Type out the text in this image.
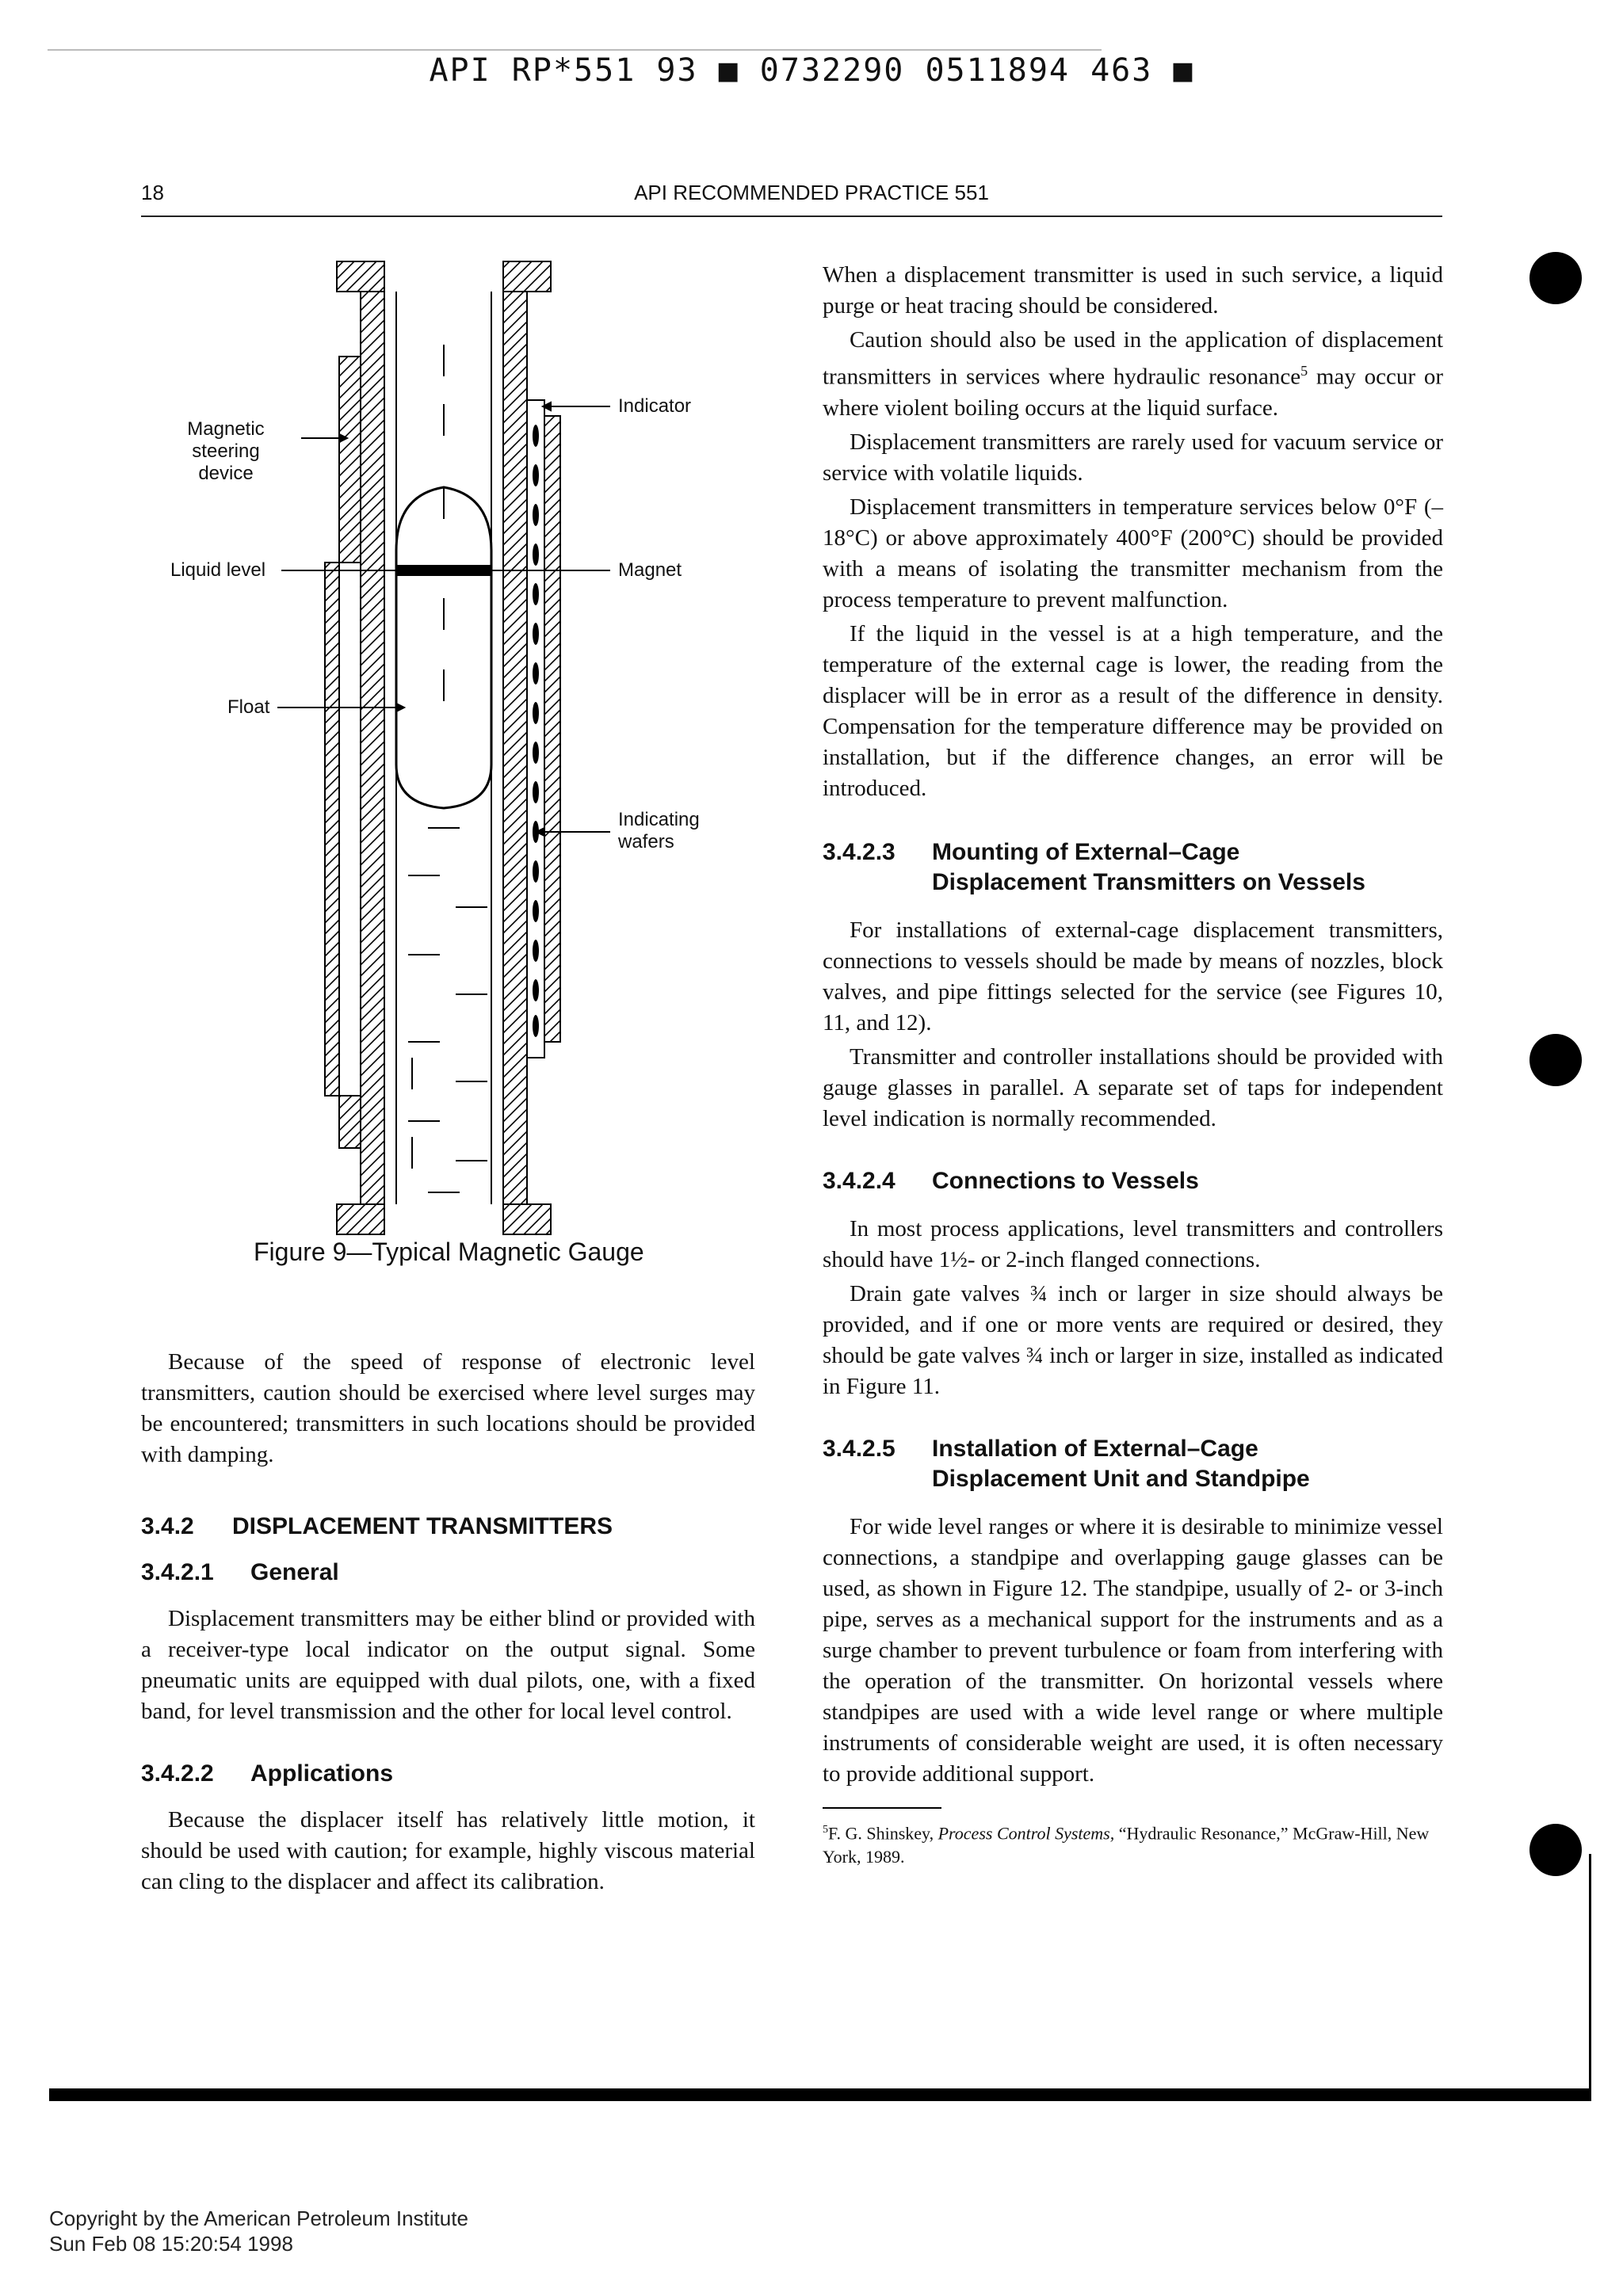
API RP*551 93 ■ 0732290 0511894 463 ■
18	API RECOMMENDED PRACTICE 551
Magnetic
steering
device
Liquid level
Float
Indicator
Magnet
Indicating
wafers
Figure 9—Typical Magnetic Gauge

Because of the speed of response of electronic level transmitters, caution should be exercised where level surges may be encountered; transmitters in such locations should be provided with damping.

3.4.2	DISPLACEMENT TRANSMITTERS
3.4.2.1	General

Displacement transmitters may be either blind or provided with a receiver-type local indicator on the output signal. Some pneumatic units are equipped with dual pilots, one, with a fixed band, for level transmission and the other for local level control.

3.4.2.2	Applications

Because the displacer itself has relatively little motion, it should be used with caution; for example, highly viscous material can cling to the displacer and affect its calibration.

When a displacement transmitter is used in such service, a liquid purge or heat tracing should be considered.

Caution should also be used in the application of displacement transmitters in services where hydraulic resonance$^5$ may occur or where violent boiling occurs at the liquid surface.

Displacement transmitters are rarely used for vacuum service or service with volatile liquids.

Displacement transmitters in temperature services below 0°F (–18°C) or above approximately 400°F (200°C) should be provided with a means of isolating the transmitter mechanism from the process temperature to prevent malfunction.

If the liquid in the vessel is at a high temperature, and the temperature of the external cage is lower, the reading from the displacer will be in error as a result of the difference in density. Compensation for the temperature difference may be provided on installation, but if the difference changes, an error will be introduced.

3.4.2.3	Mounting of External–Cage
Displacement Transmitters on Vessels

For installations of external-cage displacement transmitters, connections to vessels should be made by means of nozzles, block valves, and pipe fittings selected for the service (see Figures 10, 11, and 12).

Transmitter and controller installations should be provided with gauge glasses in parallel. A separate set of taps for independent level indication is normally recommended.

3.4.2.4	Connections to Vessels

In most process applications, level transmitters and controllers should have 1½- or 2-inch flanged connections.

Drain gate valves ¾ inch or larger in size should always be provided, and if one or more vents are required or desired, they should be gate valves ¾ inch or larger in size, installed as indicated in Figure 11.

3.4.2.5	Installation of External–Cage
Displacement Unit and Standpipe

For wide level ranges or where it is desirable to minimize vessel connections, a standpipe and overlapping gauge glasses can be used, as shown in Figure 12. The standpipe, usually of 2- or 3-inch pipe, serves as a mechanical support for the instruments and as a surge chamber to prevent turbulence or foam from interfering with the operation of the transmitter. On horizontal vessels where standpipes are used with a wide level range or where multiple instruments of considerable weight are used, it is often necessary to provide additional support.

$^5$F. G. Shinskey, Process Control Systems, “Hydraulic Resonance,” McGraw-Hill, New York, 1989.
Copyright by the American Petroleum Institute
Sun Feb 08 15:20:54 1998
